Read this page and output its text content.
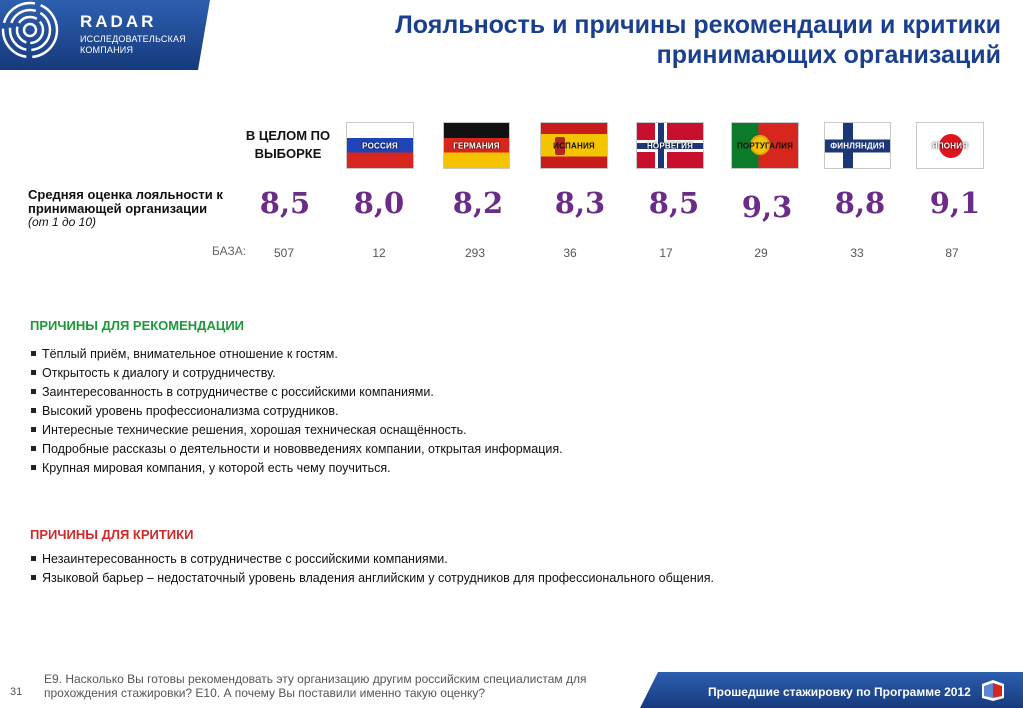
RADAR
ИССЛЕДОВАТЕЛЬСКАЯ КОМПАНИЯ
Лояльность и причины рекомендации и критики принимающих организаций
В ЦЕЛОМ ПО ВЫБОРКЕ
РОССИЯ	ГЕРМАНИЯ	ИСПАНИЯ	НОРВЕГИЯ	ПОРТУГАЛИЯ	ФИНЛЯНДИЯ	ЯПОНИЯ
Средняя оценка лояльности к принимающей организации
(от 1 до 10)
8,5	8,0	8,2	8,3	8,5	9,3	8,8	9,1
БАЗА:	507	12	293	36	17	29	33	87
ПРИЧИНЫ ДЛЯ РЕКОМЕНДАЦИИ
Тёплый приём, внимательное отношение к гостям.
Открытость к диалогу и сотрудничеству.
Заинтересованность в сотрудничестве с российскими компаниями.
Высокий уровень профессионализма сотрудников.
Интересные технические решения, хорошая техническая оснащённость.
Подробные рассказы о деятельности и нововведениях компании, открытая информация.
Крупная мировая компания, у которой есть чему поучиться.
ПРИЧИНЫ ДЛЯ КРИТИКИ
Незаинтересованность в сотрудничестве с российскими компаниями.
Языковой барьер – недостаточный уровень владения английским у сотрудников для профессионального общения.
31
Е9. Насколько Вы готовы рекомендовать эту организацию другим российским специалистам для прохождения стажировки? Е10. А почему Вы поставили именно такую оценку?	Прошедшие стажировку по Программе 2012
